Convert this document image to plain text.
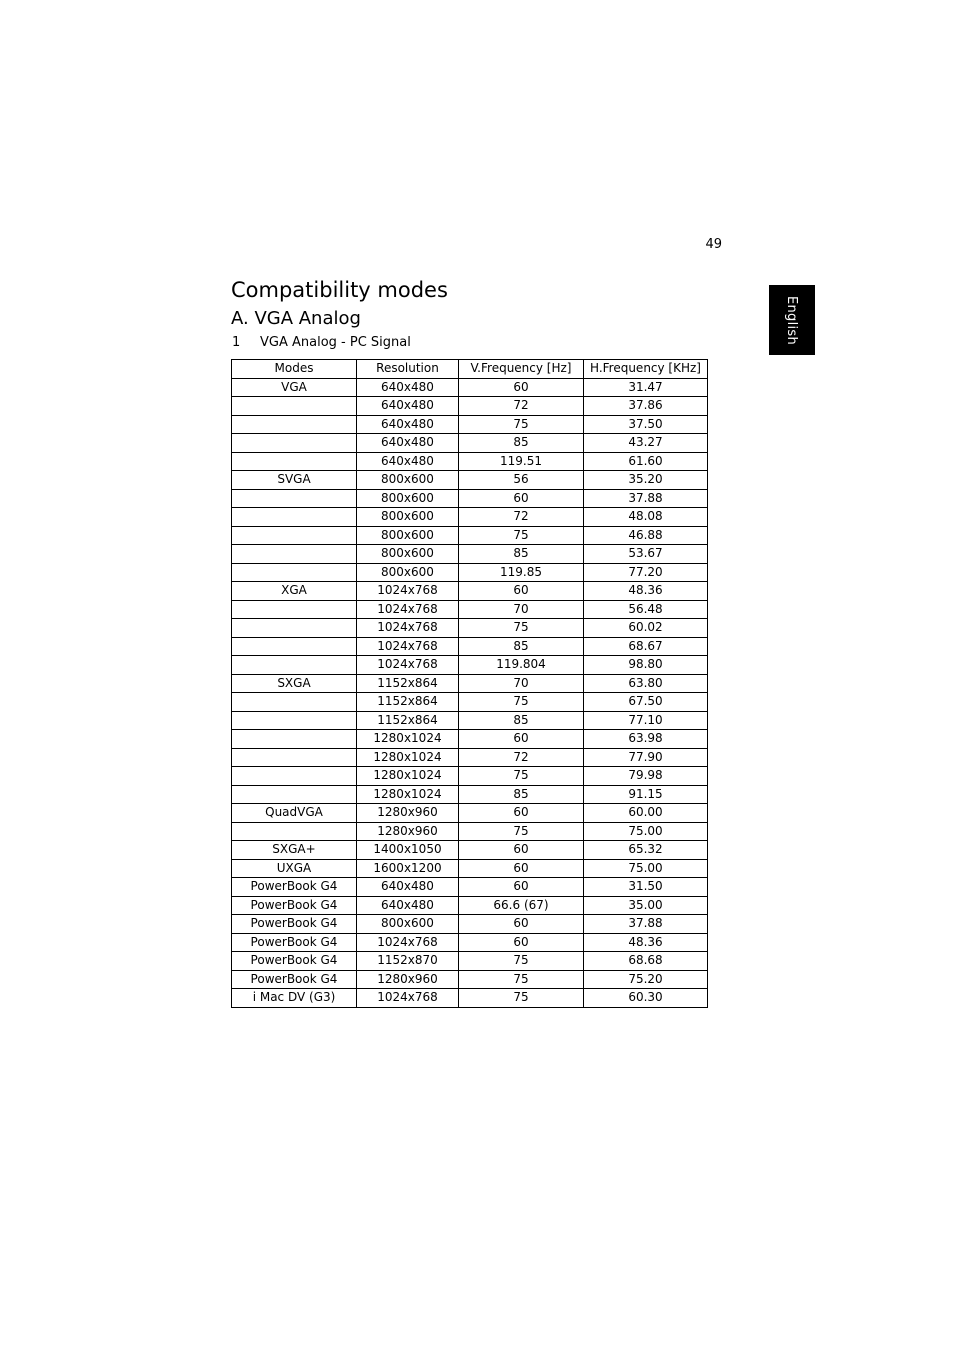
49
English
Compatibility modes
A. VGA Analog
1 VGA Analog - PC Signal
Modes	Resolution	V.Frequency [Hz]	H.Frequency [KHz]
VGA	640x480	60	31.47
	640x480	72	37.86
	640x480	75	37.50
	640x480	85	43.27
	640x480	119.51	61.60
SVGA	800x600	56	35.20
	800x600	60	37.88
	800x600	72	48.08
	800x600	75	46.88
	800x600	85	53.67
	800x600	119.85	77.20
XGA	1024x768	60	48.36
	1024x768	70	56.48
	1024x768	75	60.02
	1024x768	85	68.67
	1024x768	119.804	98.80
SXGA	1152x864	70	63.80
	1152x864	75	67.50
	1152x864	85	77.10
	1280x1024	60	63.98
	1280x1024	72	77.90
	1280x1024	75	79.98
	1280x1024	85	91.15
QuadVGA	1280x960	60	60.00
	1280x960	75	75.00
SXGA+	1400x1050	60	65.32
UXGA	1600x1200	60	75.00
PowerBook G4	640x480	60	31.50
PowerBook G4	640x480	66.6 (67)	35.00
PowerBook G4	800x600	60	37.88
PowerBook G4	1024x768	60	48.36
PowerBook G4	1152x870	75	68.68
PowerBook G4	1280x960	75	75.20
i Mac DV (G3)	1024x768	75	60.30
